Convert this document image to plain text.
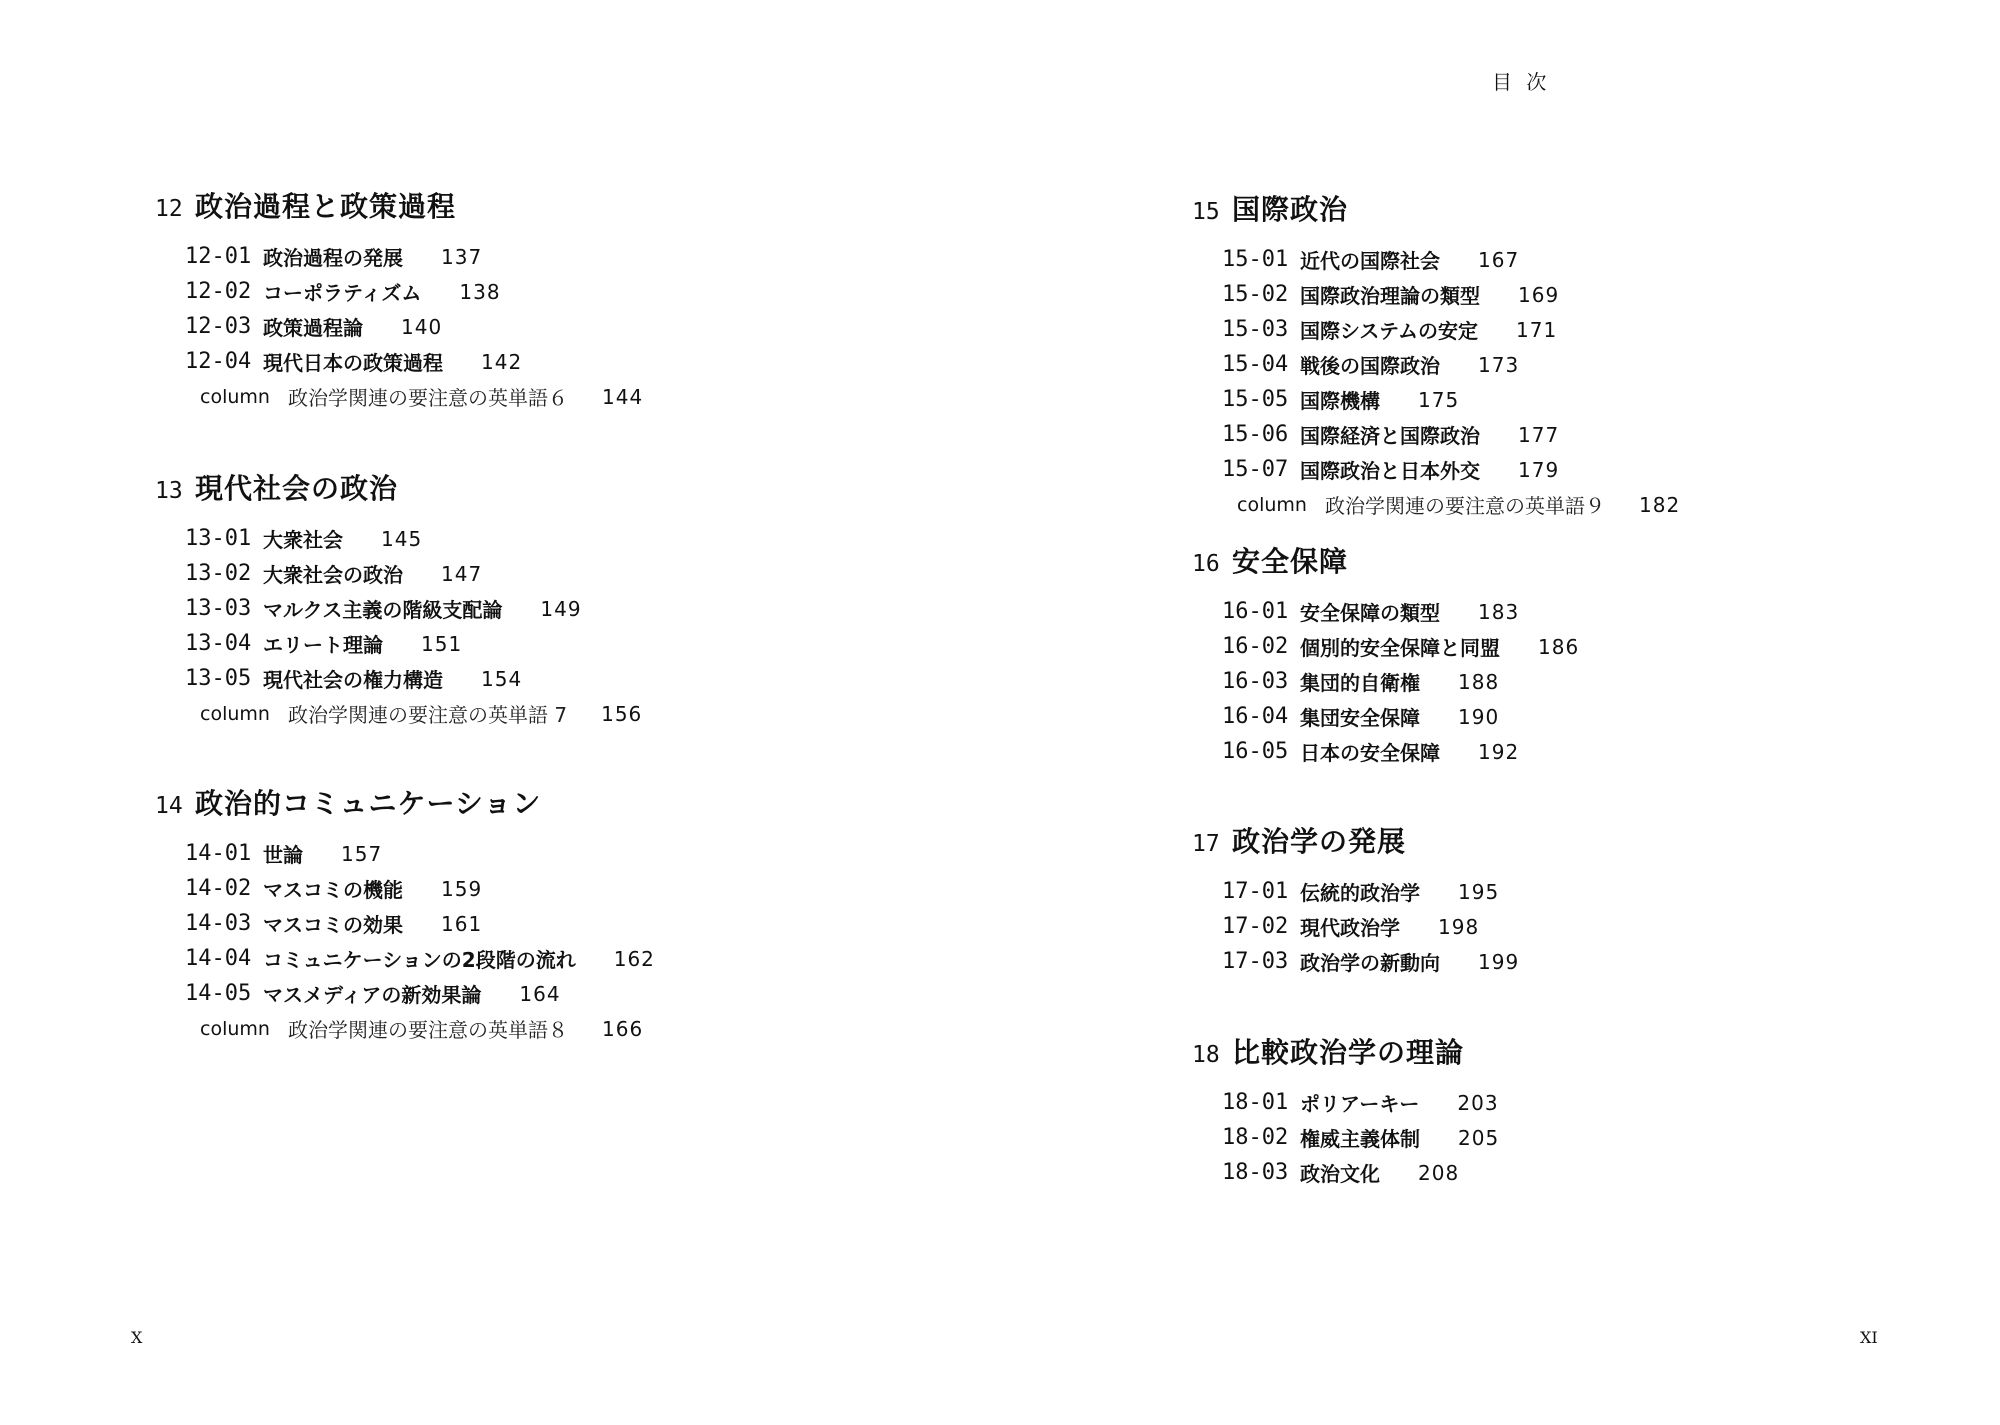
目 次
12 政治過程と政策過程
12-01 政治過程の発展 137
12-02 コーポラティズム 138
12-03 政策過程論 140
12-04 現代日本の政策過程 142
column 政治学関連の要注意の英単語６ 144
13 現代社会の政治
13-01 大衆社会 145
13-02 大衆社会の政治 147
13-03 マルクス主義の階級支配論 149
13-04 エリート理論 151
13-05 現代社会の権力構造 154
column 政治学関連の要注意の英単語 7 156
14 政治的コミュニケーション
14-01 世論 157
14-02 マスコミの機能 159
14-03 マスコミの効果 161
14-04 コミュニケーションの2段階の流れ 162
14-05 マスメディアの新効果論 164
column 政治学関連の要注意の英単語８ 166
15 国際政治
15-01 近代の国際社会 167
15-02 国際政治理論の類型 169
15-03 国際システムの安定 171
15-04 戦後の国際政治 173
15-05 国際機構 175
15-06 国際経済と国際政治 177
15-07 国際政治と日本外交 179
column 政治学関連の要注意の英単語９ 182
16 安全保障
16-01 安全保障の類型 183
16-02 個別的安全保障と同盟 186
16-03 集団的自衛権 188
16-04 集団安全保障 190
16-05 日本の安全保障 192
17 政治学の発展
17-01 伝統的政治学 195
17-02 現代政治学 198
17-03 政治学の新動向 199
18 比較政治学の理論
18-01 ポリアーキー 203
18-02 権威主義体制 205
18-03 政治文化 208
X	XI
